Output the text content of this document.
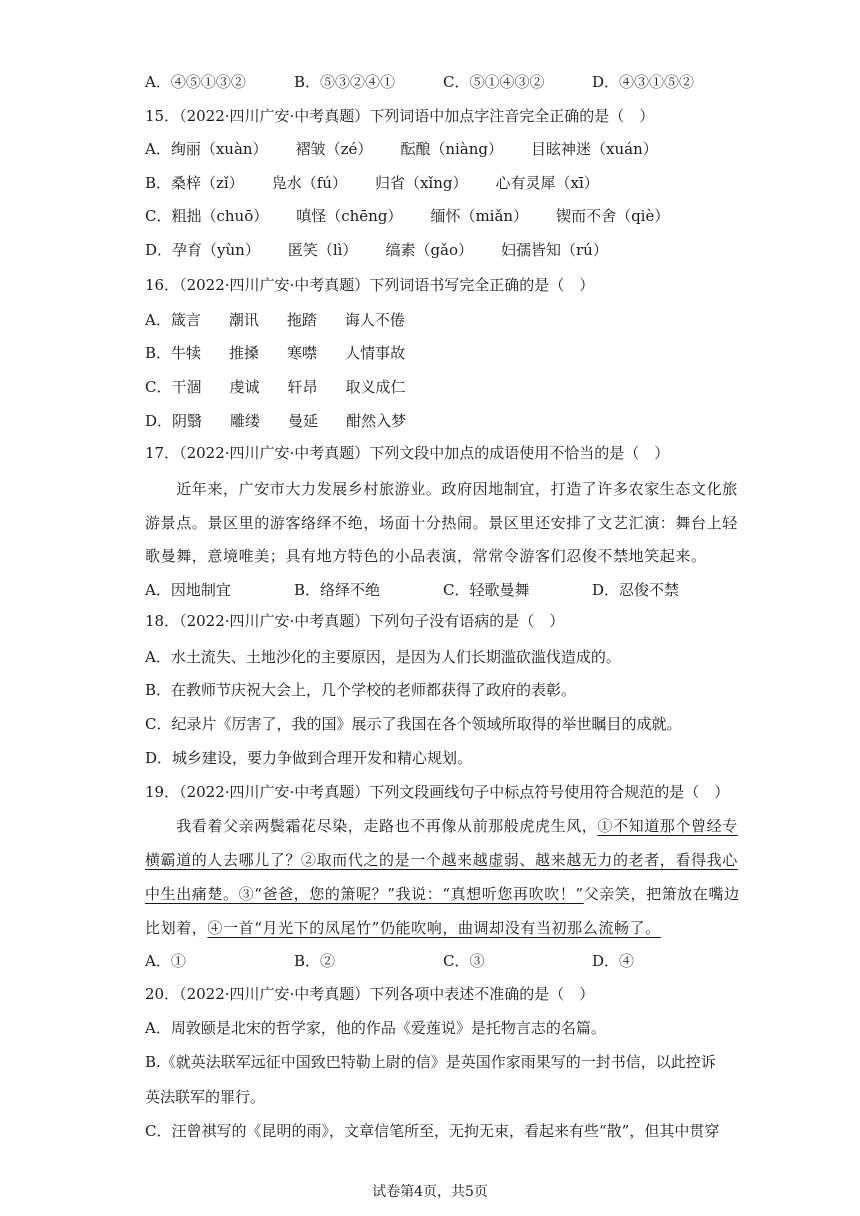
A．④⑤①③②	B．⑤③②④①	C．⑤①④③②	D．④③①⑤②
15．（2022·四川广安·中考真题）下列词语中加点字注音完全正确的是（　）
A．绚丽（xuàn） 褶皱（zé） 酝酿（niàng） 目眩神迷（xuán）
B．桑梓（zǐ） 凫水（fú） 归省（xǐng） 心有灵犀（xī）
C．粗拙（chuō） 嗔怪（chēng） 缅怀（miǎn） 锲而不舍（qiè）
D．孕育（yùn） 匿笑（lì） 缟素（gǎo） 妇孺皆知（rú）
16．（2022·四川广安·中考真题）下列词语书写完全正确的是（　）
A．箴言 潮讯 拖踏 诲人不倦
B．牛犊 推搡 寒噤 人情事故
C．干涸 虔诚 轩昂 取义成仁
D．阴翳 雕缕 曼延 酣然入梦
17．（2022·四川广安·中考真题）下列文段中加点的成语使用不恰当的是（　）
　　近年来，广安市大力发展乡村旅游业。政府因地制宜，打造了许多农家生态文化旅
游景点。景区里的游客络绎不绝，场面十分热闹。景区里还安排了文艺汇演：舞台上轻
歌曼舞，意境唯美；具有地方特色的小品表演，常常令游客们忍俊不禁地笑起来。
A．因地制宜	B．络绎不绝	C．轻歌曼舞	D．忍俊不禁
18．（2022·四川广安·中考真题）下列句子没有语病的是（　）
A．水土流失、土地沙化的主要原因，是因为人们长期滥砍滥伐造成的。
B．在教师节庆祝大会上，几个学校的老师都获得了政府的表彰。
C．纪录片《厉害了，我的国》展示了我国在各个领域所取得的举世瞩目的成就。
D．城乡建设，要力争做到合理开发和精心规划。
19．（2022·四川广安·中考真题）下列文段画线句子中标点符号使用符合规范的是（　）
　　我看着父亲两鬓霜花尽染，走路也不再像从前那般虎虎生风，①不知道那个曾经专
横霸道的人去哪儿了？②取而代之的是一个越来越虚弱、越来越无力的老者，看得我心
中生出痛楚。③“爸爸，您的箫呢？”我说：“真想听您再吹吹！”父亲笑，把箫放在嘴边
比划着，④一首“月光下的凤尾竹”仍能吹响，曲调却没有当初那么流畅了。
A．①	B．②	C．③	D．④
20．（2022·四川广安·中考真题）下列各项中表述不准确的是（　）
A．周敦颐是北宋的哲学家，他的作品《爱莲说》是托物言志的名篇。
B.《就英法联军远征中国致巴特勒上尉的信》是英国作家雨果写的一封书信，以此控诉
英法联军的罪行。
C．汪曾祺写的《昆明的雨》，文章信笔所至，无拘无束，看起来有些“散”，但其中贯穿
试卷第4页，共5页
